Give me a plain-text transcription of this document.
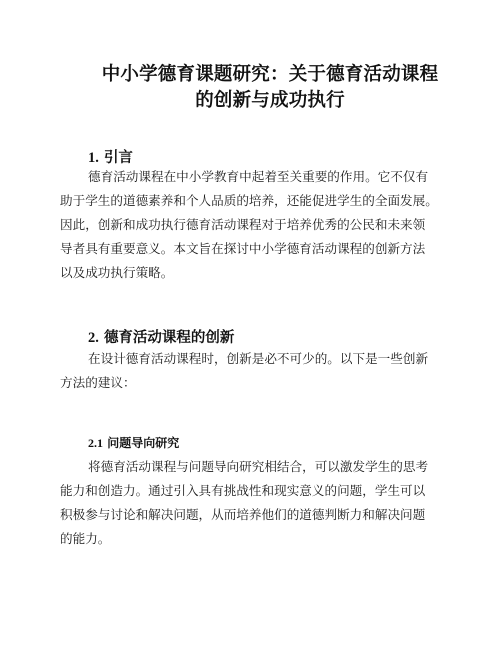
中小学德育课题研究：关于德育活动课程
的创新与成功执行
1. 引言
德育活动课程在中小学教育中起着至关重要的作用。它不仅有
助于学生的道德素养和个人品质的培养，还能促进学生的全面发展。
因此，创新和成功执行德育活动课程对于培养优秀的公民和未来领
导者具有重要意义。本文旨在探讨中小学德育活动课程的创新方法
以及成功执行策略。
2. 德育活动课程的创新
在设计德育活动课程时，创新是必不可少的。以下是一些创新
方法的建议：
2.1 问题导向研究
将德育活动课程与问题导向研究相结合，可以激发学生的思考
能力和创造力。通过引入具有挑战性和现实意义的问题，学生可以
积极参与讨论和解决问题，从而培养他们的道德判断力和解决问题
的能力。
